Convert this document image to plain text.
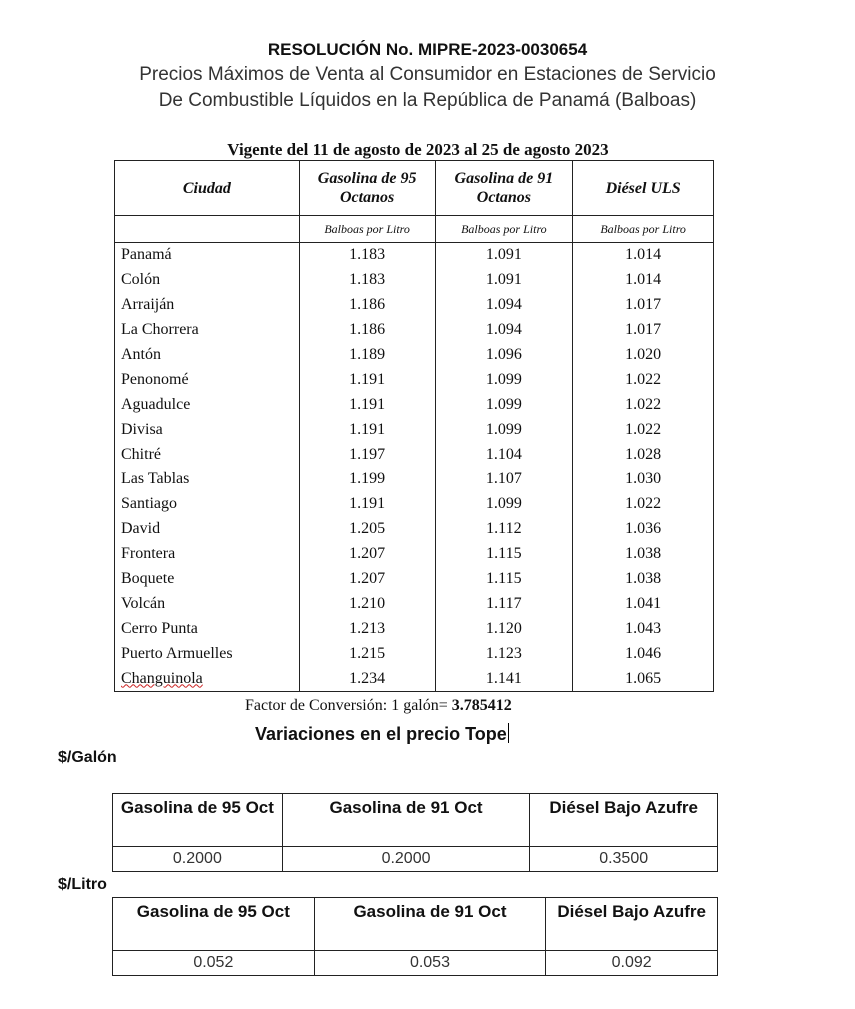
RESOLUCIÓN No. MIPRE-2023-0030654
Precios Máximos de Venta al Consumidor en Estaciones de Servicio
De Combustible Líquidos en la República de Panamá (Balboas)
Vigente del 11 de agosto de 2023 al 25 de agosto 2023
Ciudad	Gasolina de 95 Octanos	Gasolina de 91 Octanos	Diésel ULS
	Balboas por Litro	Balboas por Litro	Balboas por Litro
Panamá	1.183	1.091	1.014
Colón	1.183	1.091	1.014
Arraiján	1.186	1.094	1.017
La Chorrera	1.186	1.094	1.017
Antón	1.189	1.096	1.020
Penonomé	1.191	1.099	1.022
Aguadulce	1.191	1.099	1.022
Divisa	1.191	1.099	1.022
Chitré	1.197	1.104	1.028
Las Tablas	1.199	1.107	1.030
Santiago	1.191	1.099	1.022
David	1.205	1.112	1.036
Frontera	1.207	1.115	1.038
Boquete	1.207	1.115	1.038
Volcán	1.210	1.117	1.041
Cerro Punta	1.213	1.120	1.043
Puerto Armuelles	1.215	1.123	1.046
Changuinola	1.234	1.141	1.065
Factor de Conversión: 1 galón= 3.785412
Variaciones en el precio Tope
$/Galón
Gasolina de 95 Oct	Gasolina de 91 Oct	Diésel Bajo Azufre
0.2000	0.2000	0.3500
$/Litro
Gasolina de 95 Oct	Gasolina de 91 Oct	Diésel Bajo Azufre
0.052	0.053	0.092
